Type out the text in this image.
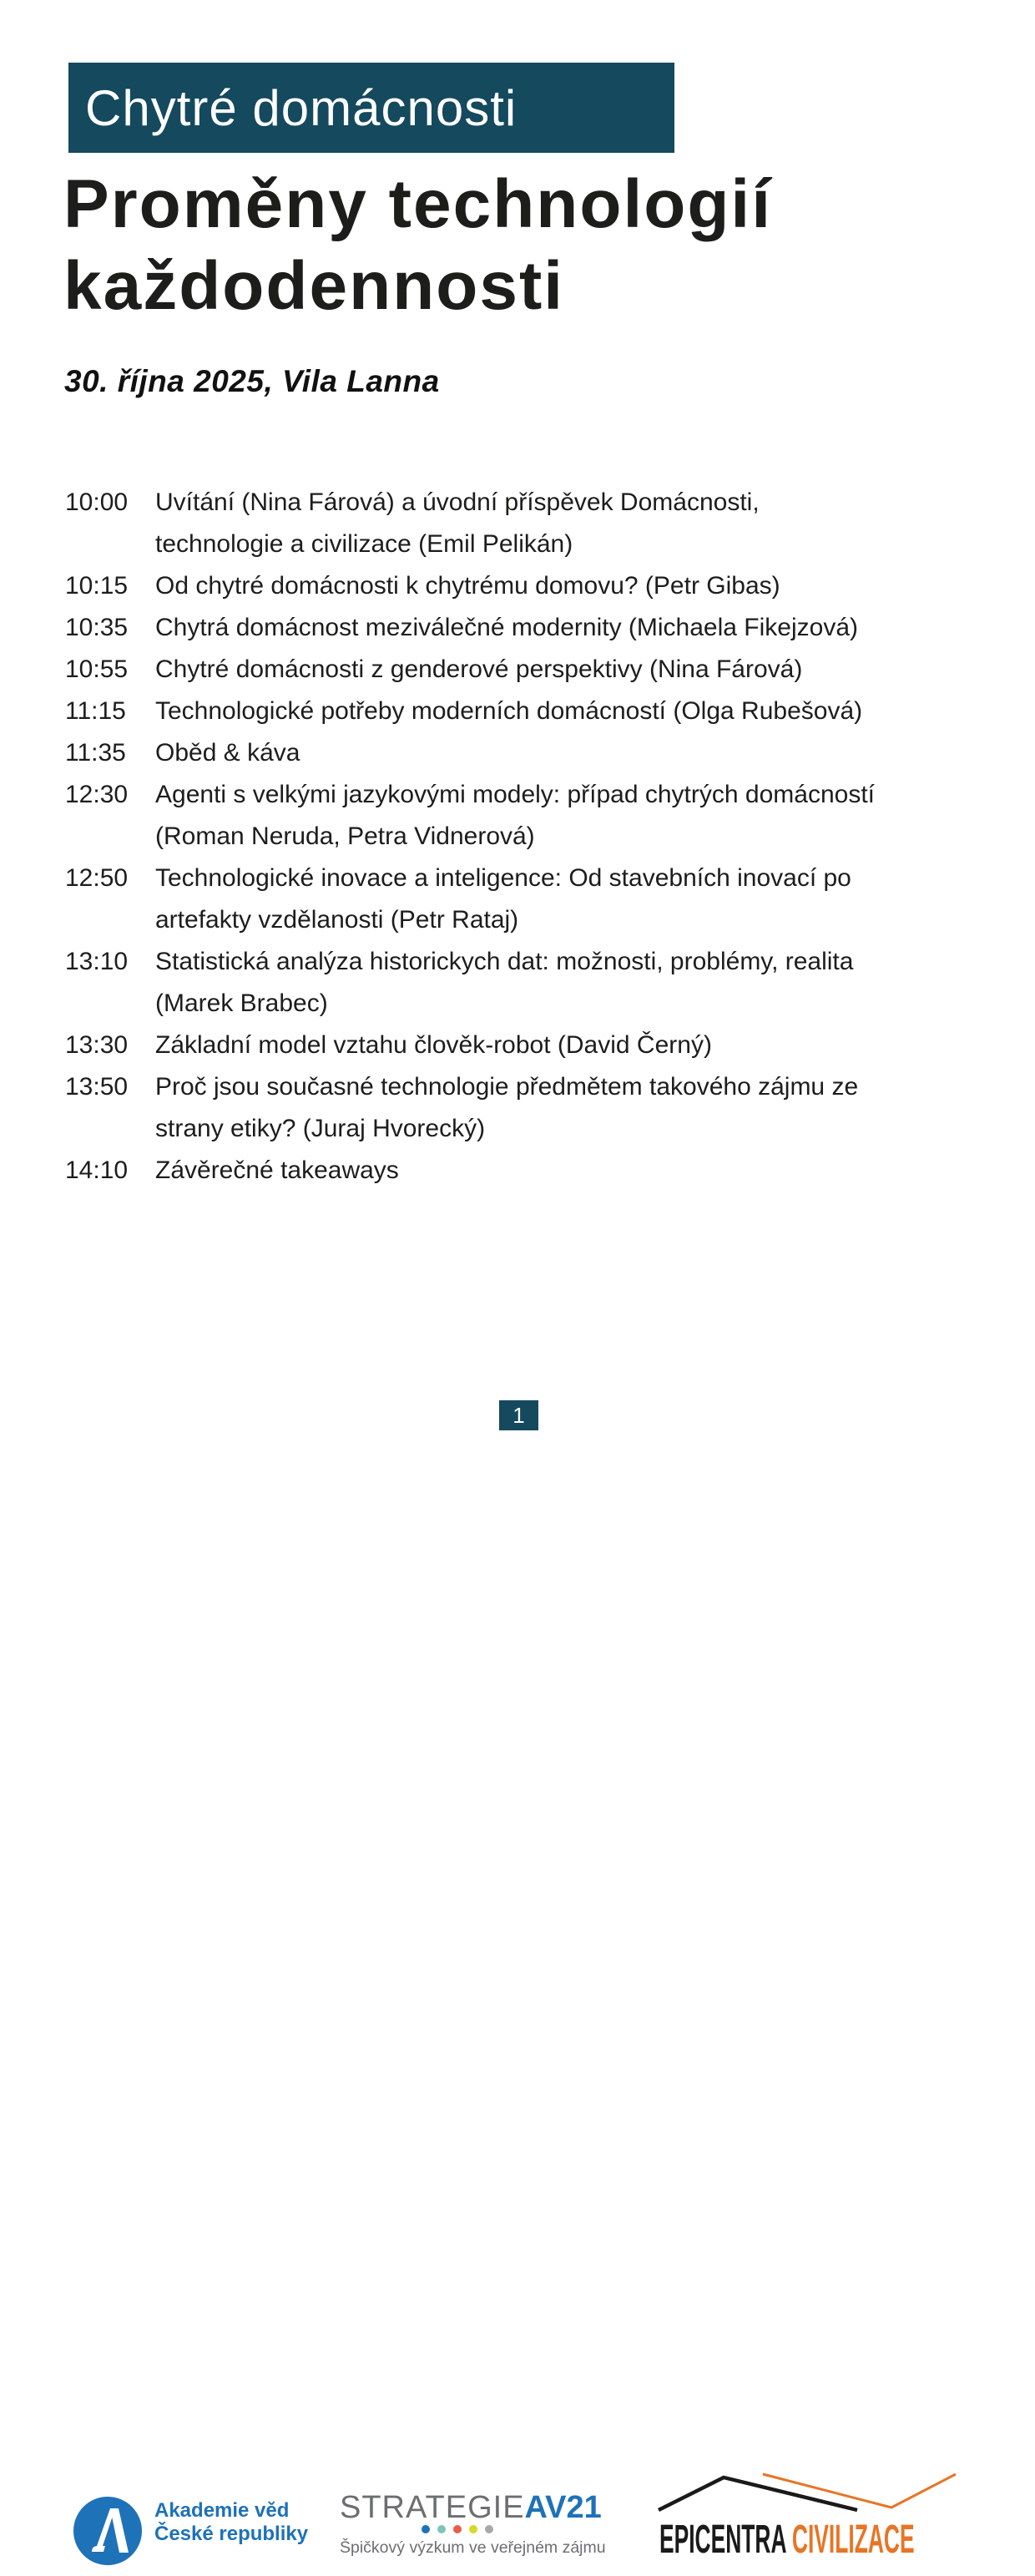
Chytré domácnosti
Proměny technologií každodennosti
30. října 2025, Vila Lanna
10:00	Uvítání (Nina Fárová) a úvodní příspěvek Domácnosti, technologie a civilizace (Emil Pelikán)
10:15	Od chytré domácnosti k chytrému domovu? (Petr Gibas)
10:35	Chytrá domácnost meziválečné modernity (Michaela Fikejzová)
10:55	Chytré domácnosti z genderové perspektivy (Nina Fárová)
11:15	Technologické potřeby moderních domácností (Olga Rubešová)
11:35	Oběd & káva
12:30	Agenti s velkými jazykovými modely: případ chytrých domácností (Roman Neruda, Petra Vidnerová)
12:50	Technologické inovace a inteligence: Od stavebních inovací po artefakty vzdělanosti (Petr Rataj)
13:10	Statistická analýza historickych dat: možnosti, problémy, realita (Marek Brabec)
13:30	Základní model vztahu člověk-robot (David Černý)
13:50	Proč jsou současné technologie předmětem takového zájmu ze strany etiky? (Juraj Hvorecký)
14:10	Závěrečné takeaways
Akademie věd
České republiky
STRATEGIEAV21
Špičkový výzkum ve veřejném zájmu EPICENTRA CIVILIZACE
1
